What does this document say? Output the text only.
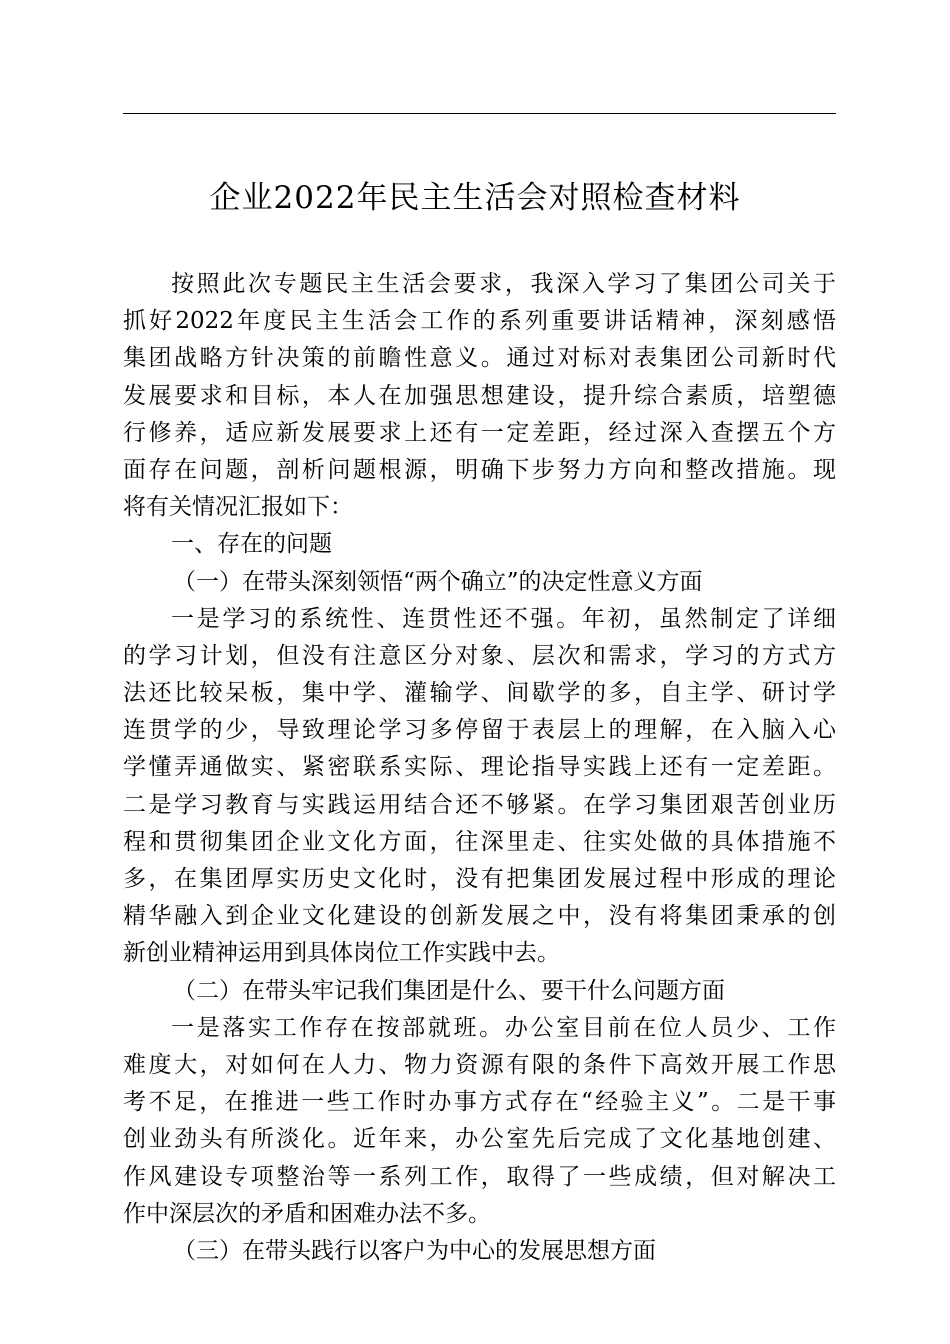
企业2022年民主生活会对照检查材料
按照此次专题民主生活会要求，我深入学习了集团公司关于
抓好2022年度民主生活会工作的系列重要讲话精神，深刻感悟
集团战略方针决策的前瞻性意义。通过对标对表集团公司新时代
发展要求和目标，本人在加强思想建设，提升综合素质，培塑德
行修养，适应新发展要求上还有一定差距，经过深入查摆五个方
面存在问题，剖析问题根源，明确下步努力方向和整改措施。现
将有关情况汇报如下：
一、存在的问题
（一）在带头深刻领悟“两个确立”的决定性意义方面
一是学习的系统性、连贯性还不强。年初，虽然制定了详细
的学习计划，但没有注意区分对象、层次和需求，学习的方式方
法还比较呆板，集中学、灌输学、间歇学的多，自主学、研讨学
连贯学的少，导致理论学习多停留于表层上的理解，在入脑入心
学懂弄通做实、紧密联系实际、理论指导实践上还有一定差距。
二是学习教育与实践运用结合还不够紧。在学习集团艰苦创业历
程和贯彻集团企业文化方面，往深里走、往实处做的具体措施不
多，在集团厚实历史文化时，没有把集团发展过程中形成的理论
精华融入到企业文化建设的创新发展之中，没有将集团秉承的创
新创业精神运用到具体岗位工作实践中去。
（二）在带头牢记我们集团是什么、要干什么问题方面
一是落实工作存在按部就班。办公室目前在位人员少、工作
难度大，对如何在人力、物力资源有限的条件下高效开展工作思
考不足，在推进一些工作时办事方式存在“经验主义”。二是干事
创业劲头有所淡化。近年来，办公室先后完成了文化基地创建、
作风建设专项整治等一系列工作，取得了一些成绩，但对解决工
作中深层次的矛盾和困难办法不多。
（三）在带头践行以客户为中心的发展思想方面
